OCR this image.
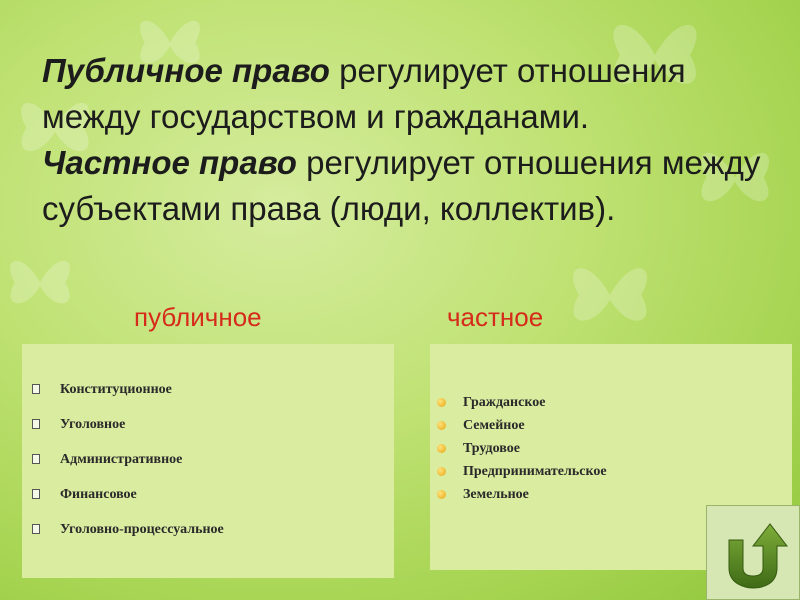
Публичное право регулирует отношения между государством и гражданами.
Частное право регулирует отношения между субъектами права (люди, коллектив).
публичное	частное
Конституционное
Уголовное
Административное
Финансовое
Уголовно-процессуальное
Гражданское
Семейное
Трудовое
Предпринимательское
Земельное
